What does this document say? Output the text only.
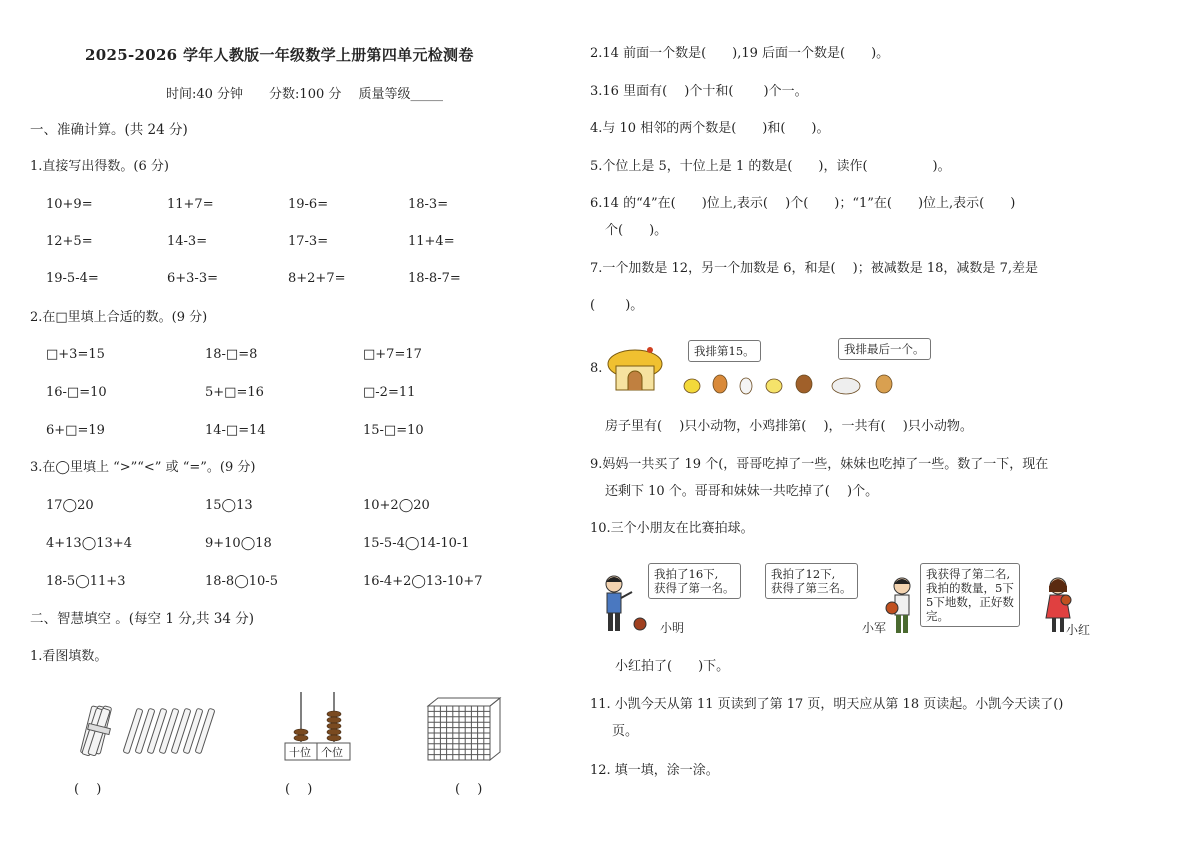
2025-2026 学年人教版一年级数学上册第四单元检测卷
时间:40 分钟　　分数:100 分　 质量等级_____
一、准确计算。(共 24 分)
1.直接写出得数。(6 分)
10+9=	11+7=	19-6=	18-3=
12+5=	14-3=	17-3=	11+4=
19-5-4=	6+3-3=	8+2+7=	18-8-7=
2.在□里填上合适的数。(9 分)
□+3=15	18-□=8	□+7=17
16-□=10	5+□=16	□-2=11
6+□=19	14-□=14	15-□=10
3.在◯里填上 “>”“<” 或 “=”。(9 分)
17◯20	15◯13	10+2◯20
4+13◯13+4	9+10◯18	15-5-4◯14-10-1
18-5◯11+3	18-8◯10-5	16-4+2◯13-10+7
二、智慧填空 。(每空 1 分,共 34 分)
1.看图填数。
十位 个位
(　 )	(　 )	(　 )
2.14 前面一个数是(　　),19 后面一个数是(　　)。
3.16 里面有(　 )个十和(　　 )个一。
4.与 10 相邻的两个数是(　　)和(　　)。
5.个位上是 5，十位上是 1 的数是(　　)，读作(　　　　　)。
6.14 的“4”在(　　)位上,表示(　 )个(　　)；“1”在(　　)位上,表示(　　)
个(　　)。
7.一个加数是 12，另一个加数是 6，和是(　 )；被减数是 18，减数是 7,差是
(　　 )。
8.
我排第15。	我排最后一个。
房子里有(　 )只小动物，小鸡排第(　 )，一共有(　 )只小动物。
9.妈妈一共买了 19 个(，哥哥吃掉了一些，妹妹也吃掉了一些。数了一下，现在
还剩下 10 个。哥哥和妹妹一共吃掉了(　 )个。
10.三个小朋友在比赛拍球。
我拍了16下,
获得了第一名。
我拍了12下,
获得了第三名。
我获得了第二名,
我拍的数量，5下
5下地数，正好数
完。
小明	小军	小红
小红拍了(　　)下。
11. 小凯今天从第 11 页读到了第 17 页，明天应从第 18 页读起。小凯今天读了()
页。
12. 填一填，涂一涂。
